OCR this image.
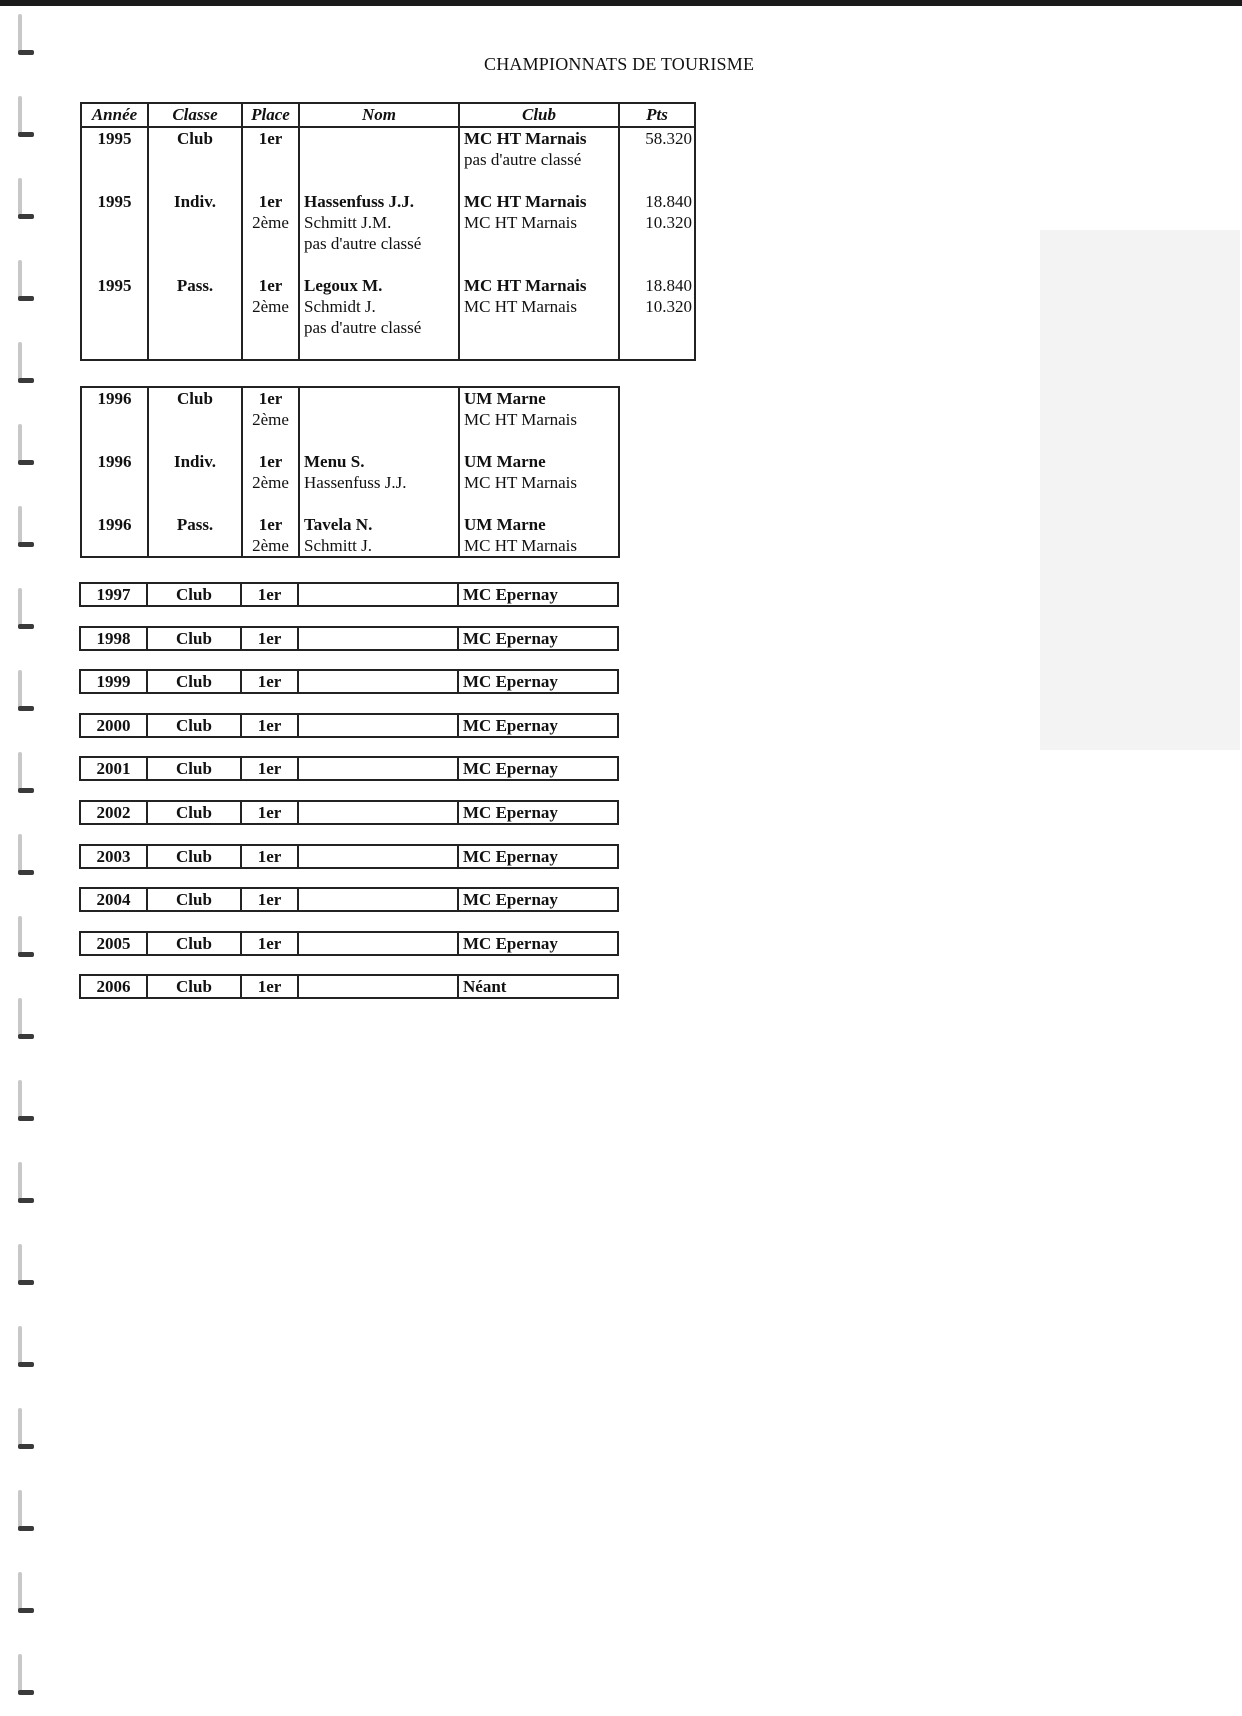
CHAMPIONNATS DE TOURISME
Année	Classe	Place	Nom	Club	Pts
1995	Club	1er		MC HT Marnais	58.320
				pas d'autre classé	

1995	Indiv.	1er	Hassenfuss J.J.	MC HT Marnais	18.840
		2ème	Schmitt J.M.	MC HT Marnais	10.320
			pas d'autre classé		

1995	Pass.	1er	Legoux M.	MC HT Marnais	18.840
		2ème	Schmidt J.	MC HT Marnais	10.320
			pas d'autre classé		

1996	Club	1er		UM Marne
		2ème		MC HT Marnais

1996	Indiv.	1er	Menu S.	UM Marne
		2ème	Hassenfuss J.J.	MC HT Marnais

1996	Pass.	1er	Tavela N.	UM Marne
		2ème	Schmitt J.	MC HT Marnais
1997	Club	1er		MC Epernay
1998	Club	1er		MC Epernay
1999	Club	1er		MC Epernay
2000	Club	1er		MC Epernay
2001	Club	1er		MC Epernay
2002	Club	1er		MC Epernay
2003	Club	1er		MC Epernay
2004	Club	1er		MC Epernay
2005	Club	1er		MC Epernay
2006	Club	1er		Néant
